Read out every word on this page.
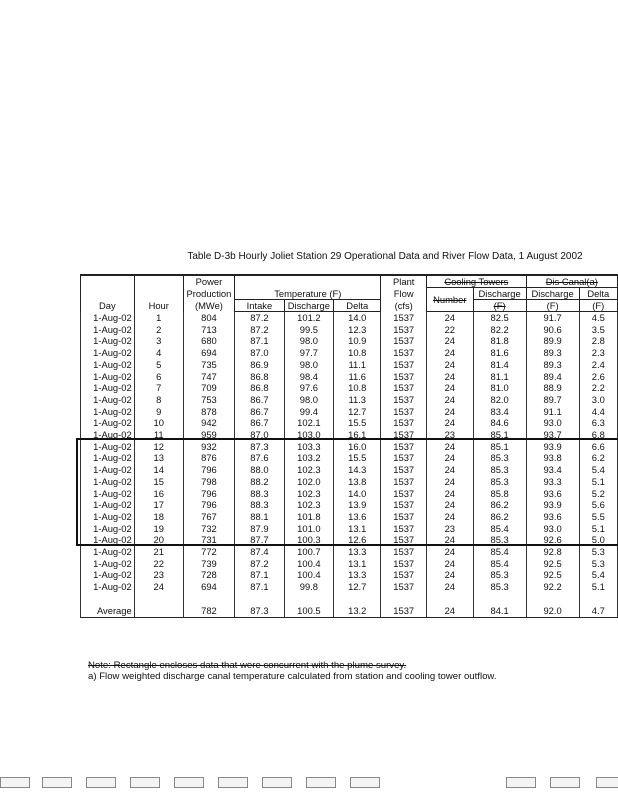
Table D-3b Hourly Joliet Station 29 Operational Data and River Flow Data, 1 August 2002
		Power				Plant	Cooling Towers		Dis Canal(a)	
		Production	Temperature (F)			Flow	Number	Discharge	Discharge	Delta
Day	Hour	(MWe)	Intake	Discharge	Delta	(cfs)		(F)	(F)	(F)
1-Aug-02	1	804	87.2	101.2	14.0	1537	24	82.5	91.7	4.5
1-Aug-02	2	713	87.2	99.5	12.3	1537	22	82.2	90.6	3.5
1-Aug-02	3	680	87.1	98.0	10.9	1537	24	81.8	89.9	2.8
1-Aug-02	4	694	87.0	97.7	10.8	1537	24	81.6	89.3	2.3
1-Aug-02	5	735	86.9	98.0	11.1	1537	24	81.4	89.3	2.4
1-Aug-02	6	747	86.8	98.4	11.6	1537	24	81.1	89.4	2.6
1-Aug-02	7	709	86.8	97.6	10.8	1537	24	81.0	88.9	2.2
1-Aug-02	8	753	86.7	98.0	11.3	1537	24	82.0	89.7	3.0
1-Aug-02	9	878	86.7	99.4	12.7	1537	24	83.4	91.1	4.4
1-Aug-02	10	942	86.7	102.1	15.5	1537	24	84.6	93.0	6.3
1-Aug-02	11	959	87.0	103.0	16.1	1537	23	85.1	93.7	6.8
1-Aug-02	12	932	87.3	103.3	16.0	1537	24	85.1	93.9	6.6
1-Aug-02	13	876	87.6	103.2	15.5	1537	24	85.3	93.8	6.2
1-Aug-02	14	796	88.0	102.3	14.3	1537	24	85.3	93.4	5.4
1-Aug-02	15	798	88.2	102.0	13.8	1537	24	85.3	93.3	5.1
1-Aug-02	16	796	88.3	102.3	14.0	1537	24	85.8	93.6	5.2
1-Aug-02	17	796	88.3	102.3	13.9	1537	24	86.2	93.9	5.6
1-Aug-02	18	767	88.1	101.8	13.6	1537	24	86.2	93.6	5.5
1-Aug-02	19	732	87.9	101.0	13.1	1537	23	85.4	93.0	5.1
1-Aug-02	20	731	87.7	100.3	12.6	1537	24	85.3	92.6	5.0
1-Aug-02	21	772	87.4	100.7	13.3	1537	24	85.4	92.8	5.3
1-Aug-02	22	739	87.2	100.4	13.1	1537	24	85.4	92.5	5.3
1-Aug-02	23	728	87.1	100.4	13.3	1537	24	85.3	92.5	5.4
1-Aug-02	24	694	87.1	99.8	12.7	1537	24	85.3	92.2	5.1

Average		782	87.3	100.5	13.2	1537	24	84.1	92.0	4.7
Note: Rectangle encloses data that were concurrent with the plume survey.
a) Flow weighted discharge canal temperature calculated from station and cooling tower outflow.
